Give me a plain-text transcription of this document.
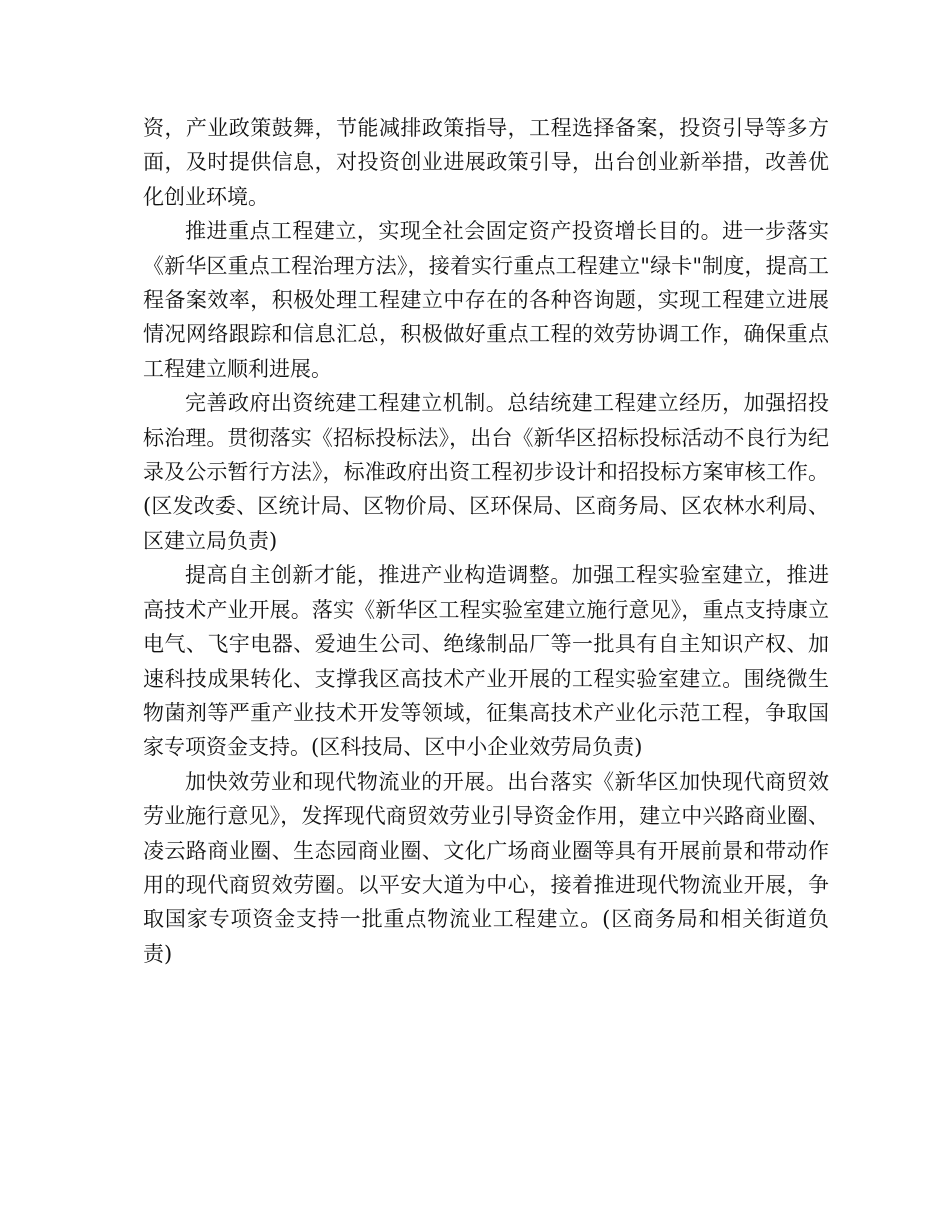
资，产业政策鼓舞，节能减排政策指导，工程选择备案，投资引导等多方面，及时提供信息，对投资创业进展政策引导，出台创业新举措，改善优化创业环境。

推进重点工程建立，实现全社会固定资产投资增长目的。进一步落实《新华区重点工程治理方法》，接着实行重点工程建立"绿卡"制度，提高工程备案效率，积极处理工程建立中存在的各种咨询题，实现工程建立进展情况网络跟踪和信息汇总，积极做好重点工程的效劳协调工作，确保重点工程建立顺利进展。

完善政府出资统建工程建立机制。总结统建工程建立经历，加强招投标治理。贯彻落实《招标投标法》，出台《新华区招标投标活动不良行为纪录及公示暂行方法》，标准政府出资工程初步设计和招投标方案审核工作。(区发改委、区统计局、区物价局、区环保局、区商务局、区农林水利局、区建立局负责)

提高自主创新才能，推进产业构造调整。加强工程实验室建立，推进高技术产业开展。落实《新华区工程实验室建立施行意见》，重点支持康立电气、飞宇电器、爱迪生公司、绝缘制品厂等一批具有自主知识产权、加速科技成果转化、支撑我区高技术产业开展的工程实验室建立。围绕微生物菌剂等严重产业技术开发等领域，征集高技术产业化示范工程，争取国家专项资金支持。(区科技局、区中小企业效劳局负责)

加快效劳业和现代物流业的开展。出台落实《新华区加快现代商贸效劳业施行意见》，发挥现代商贸效劳业引导资金作用，建立中兴路商业圈、凌云路商业圈、生态园商业圈、文化广场商业圈等具有开展前景和带动作用的现代商贸效劳圈。以平安大道为中心，接着推进现代物流业开展，争取国家专项资金支持一批重点物流业工程建立。(区商务局和相关街道负责)
